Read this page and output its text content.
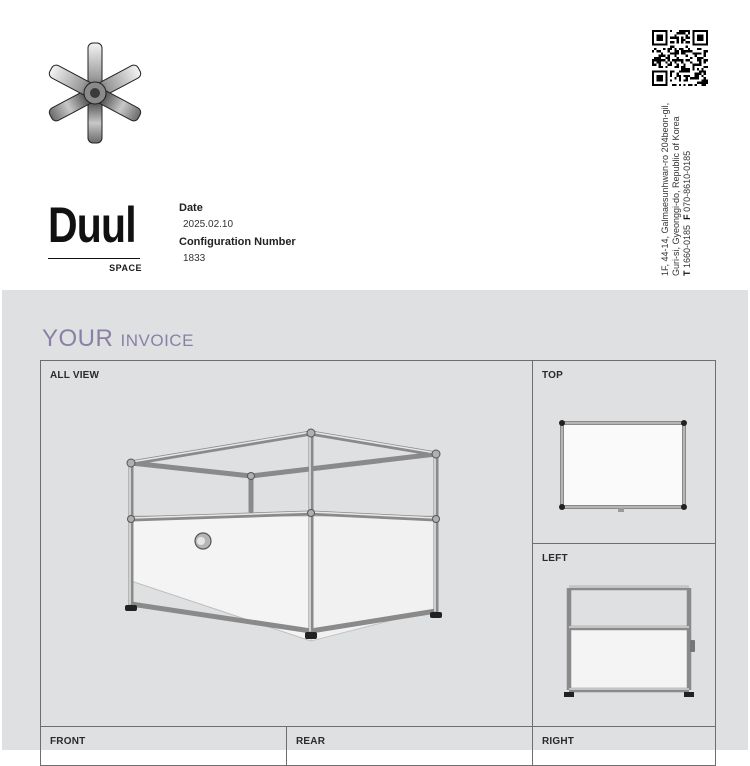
Duul
SPACE
Date
2025.02.10
Configuration Number
1833	1F, 44-14, Galmaesunhwan-ro 204beon-gil, Guri-si, Gyeonggi-do, Republic of Korea T 1660-0185  F 070-8610-0185
YOUR INVOICE
ALL VIEW	TOP
LEFT
FRONT	REAR	RIGHT
